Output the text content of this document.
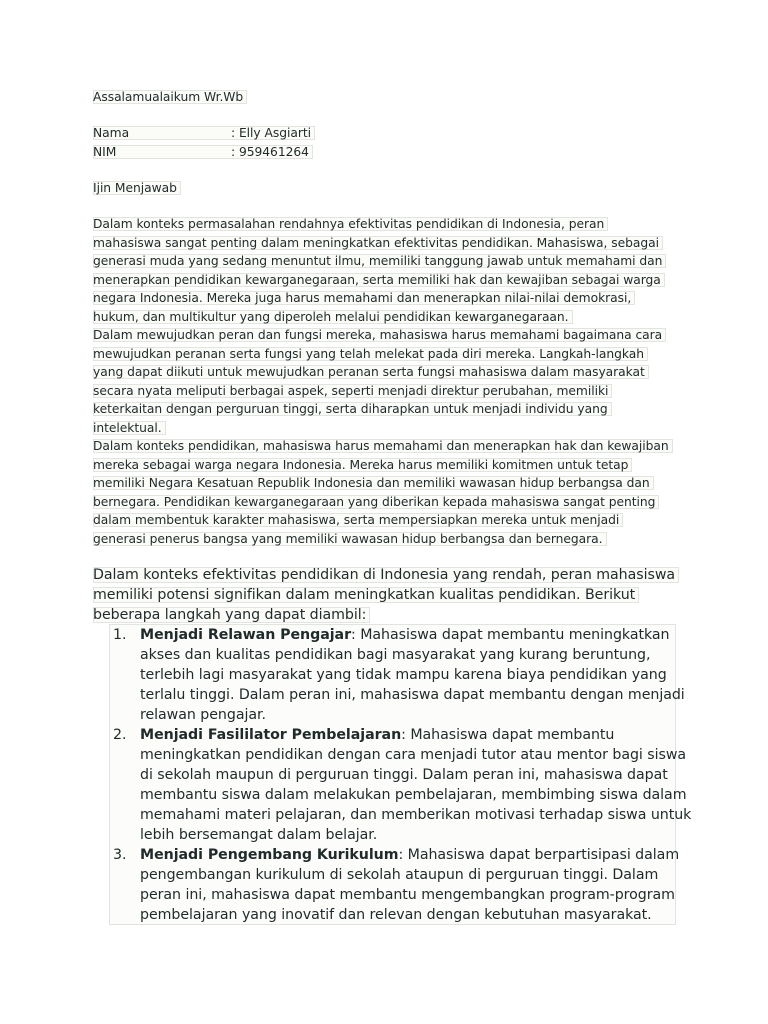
Assalamualaikum Wr.Wb
Nama	: Elly Asgiarti
NIM	: 959461264
Ijin Menjawab
Dalam konteks permasalahan rendahnya efektivitas pendidikan di Indonesia, peran
mahasiswa sangat penting dalam meningkatkan efektivitas pendidikan. Mahasiswa, sebagai
generasi muda yang sedang menuntut ilmu, memiliki tanggung jawab untuk memahami dan
menerapkan pendidikan kewarganegaraan, serta memiliki hak dan kewajiban sebagai warga
negara Indonesia. Mereka juga harus memahami dan menerapkan nilai-nilai demokrasi,
hukum, dan multikultur yang diperoleh melalui pendidikan kewarganegaraan.
Dalam mewujudkan peran dan fungsi mereka, mahasiswa harus memahami bagaimana cara
mewujudkan peranan serta fungsi yang telah melekat pada diri mereka. Langkah-langkah
yang dapat diikuti untuk mewujudkan peranan serta fungsi mahasiswa dalam masyarakat
secara nyata meliputi berbagai aspek, seperti menjadi direktur perubahan, memiliki
keterkaitan dengan perguruan tinggi, serta diharapkan untuk menjadi individu yang
intelektual.
Dalam konteks pendidikan, mahasiswa harus memahami dan menerapkan hak dan kewajiban
mereka sebagai warga negara Indonesia. Mereka harus memiliki komitmen untuk tetap
memiliki Negara Kesatuan Republik Indonesia dan memiliki wawasan hidup berbangsa dan
bernegara. Pendidikan kewarganegaraan yang diberikan kepada mahasiswa sangat penting
dalam membentuk karakter mahasiswa, serta mempersiapkan mereka untuk menjadi
generasi penerus bangsa yang memiliki wawasan hidup berbangsa dan bernegara.
Dalam konteks efektivitas pendidikan di Indonesia yang rendah, peran mahasiswa
memiliki potensi signifikan dalam meningkatkan kualitas pendidikan. Berikut
beberapa langkah yang dapat diambil:
1. Menjadi Relawan Pengajar: Mahasiswa dapat membantu meningkatkan
akses dan kualitas pendidikan bagi masyarakat yang kurang beruntung,
terlebih lagi masyarakat yang tidak mampu karena biaya pendidikan yang
terlalu tinggi. Dalam peran ini, mahasiswa dapat membantu dengan menjadi
relawan pengajar.
2. Menjadi Fasililator Pembelajaran: Mahasiswa dapat membantu
meningkatkan pendidikan dengan cara menjadi tutor atau mentor bagi siswa
di sekolah maupun di perguruan tinggi. Dalam peran ini, mahasiswa dapat
membantu siswa dalam melakukan pembelajaran, membimbing siswa dalam
memahami materi pelajaran, dan memberikan motivasi terhadap siswa untuk
lebih bersemangat dalam belajar.
3. Menjadi Pengembang Kurikulum: Mahasiswa dapat berpartisipasi dalam
pengembangan kurikulum di sekolah ataupun di perguruan tinggi. Dalam
peran ini, mahasiswa dapat membantu mengembangkan program-program
pembelajaran yang inovatif dan relevan dengan kebutuhan masyarakat.
